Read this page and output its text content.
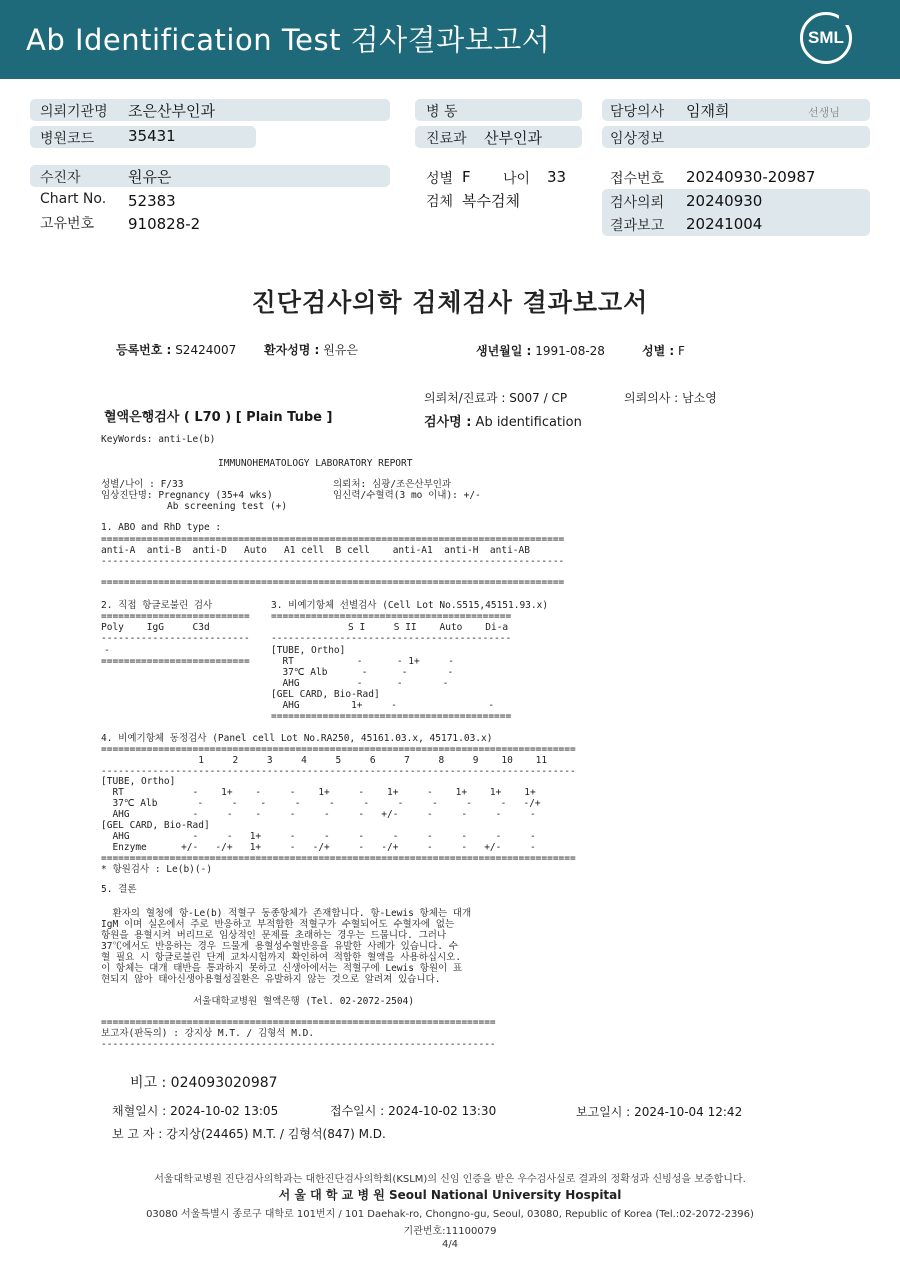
Ab Identification Test 검사결과보고서	SML
의뢰기관명 조은산부인과
병원코드 35431
병 동
진료과 산부인과
담당의사 임재희	선생님
임상정보
수진자	원유은
Chart No. 52383
고유번호 910828-2
성별 F 나이 33
검체 복수검체
접수번호 20240930-20987
검사의뢰 20240930
결과보고 20241004
진단검사의학 검체검사 결과보고서
등록번호 : S2424007 환자성명 : 원유은	생년월일 : 1991-08-28	성별 : F
의뢰처/진료과 : S007 / CP	의뢰의사 : 남소영
혈액은행검사 ( L70 ) [ Plain Tube ]	검사명 : Ab identification
KeyWords: anti-Le(b)
IMMUNOHEMATOLOGY LABORATORY REPORT
성별/나이 : F/33
임상진단명: Pregnancy (35+4 wks)
Ab screening test (+)
의뢰처: 심광/조은산부인과
임신력/수혈력(3 mo 이내): +/-
1. ABO and RhD type :
=================================================================================
anti-A  anti-B  anti-D   Auto   A1 cell  B cell    anti-A1  anti-H  anti-AB
---------------------------------------------------------------------------------
=================================================================================
2. 직접 항글로불린 검사	3. 비예기항체 선별검사 (Cell Lot No.S515,45151.93.x)
========================== ==========================================
Poly    IgG     C3d	S I     S II    Auto    Di-a
-------------------------- ------------------------------------------
-
==========================
[TUBE, Ortho]
RT           -      - 1+     -
37℃ Alb      -      -       -
AHG          -      -       -
[GEL CARD, Bio-Rad]
AHG         1+     -                -
==========================================
4. 비예기항체 동정검사 (Panel cell Lot No.RA250, 45161.03.x, 45171.03.x)
===================================================================================
1     2     3     4     5     6     7     8     9    10    11
-----------------------------------------------------------------------------------
[TUBE, Ortho]
RT            -    1+    -     -    1+     -    1+     -    1+    1+    1+
37℃ Alb       -     -    -     -     -     -     -     -     -     -   -/+
AHG           -     -    -     -     -     -   +/-     -     -     -     -
[GEL CARD, Bio-Rad]
AHG           -     -   1+     -     -     -     -     -     -     -     -
Enzyme      +/-   -/+   1+     -   -/+     -   -/+     -     -   +/-     -
===================================================================================
* 항원검사 : Le(b)(-)
5. 결론
환자의 혈청에 항-Le(b) 적혈구 동종항체가 존재합니다. 항-Lewis 항체는 대개
IgM 이며 실온에서 주로 반응하고 부적합한 적혈구가 수혈되어도 수혈자에 없는
항원을 용혈시켜 버리므로 임상적인 문제를 초래하는 경우는 드뭅니다. 그러나
37℃에서도 반응하는 경우 드물게 용혈성수혈반응을 유발한 사례가 있습니다. 수
혈 필요 시 항글로불린 단계 교차시험까지 확인하여 적합한 혈액을 사용하십시오.
이 항체는 대개 태반을 통과하지 못하고 신생아에서는 적혈구에 Lewis 항원이 표
현되지 않아 태아신생아용혈성질환은 유발하지 않는 것으로 알려져 있습니다.
서울대학교병원 혈액은행 (Tel. 02-2072-2504)
=====================================================================
보고자(판독의) : 강지상 M.T. / 김형석 M.D.
---------------------------------------------------------------------
비고 : 024093020987
채혈일시 : 2024-10-02 13:05	접수일시 : 2024-10-02 13:30	보고일시 : 2024-10-04 12:42
보 고 자 : 강지상(24465) M.T. / 김형석(847) M.D.
서울대학교병원 진단검사의학과는 대한진단검사의학회(KSLM)의 신임 인증을 받은 우수검사실로 결과의 정확성과 신빙성을 보증합니다.
서 울 대 학 교 병 원 Seoul National University Hospital
03080 서울특별시 종로구 대학로 101번지 / 101 Daehak-ro, Chongno-gu, Seoul, 03080, Republic of Korea (Tel.:02-2072-2396)
기관번호:11100079
4/4
